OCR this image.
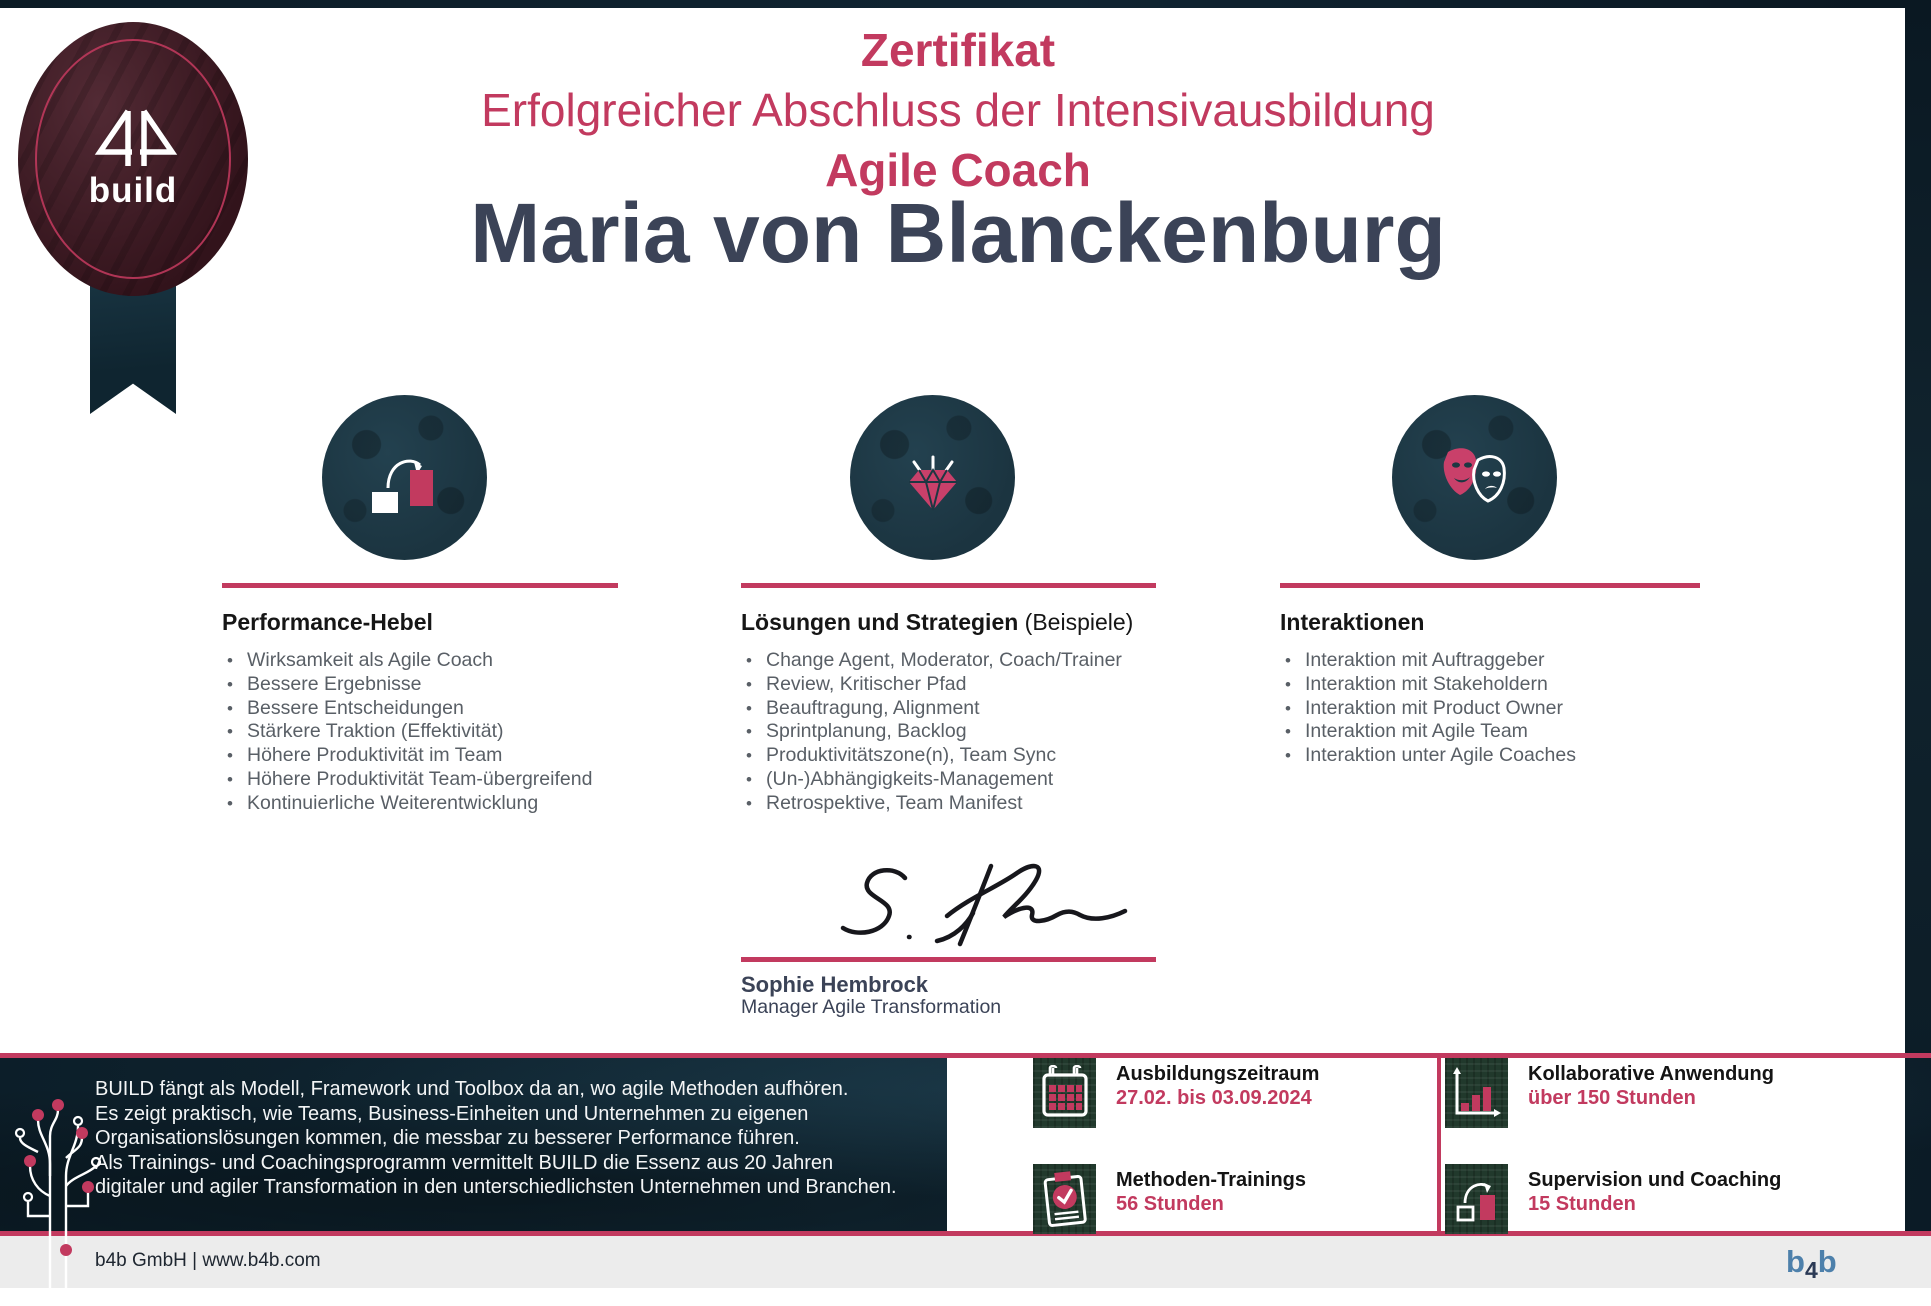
build
Zertifikat
Erfolgreicher Abschluss der Intensivausbildung
Agile Coach
Maria von Blanckenburg
Performance-Hebel
• Wirksamkeit als Agile Coach
• Bessere Ergebnisse
• Bessere Entscheidungen
• Stärkere Traktion (Effektivität)
• Höhere Produktivität im Team
• Höhere Produktivität Team-übergreifend
• Kontinuierliche Weiterentwicklung
Lösungen und Strategien (Beispiele)
• Change Agent, Moderator, Coach/Trainer
• Review, Kritischer Pfad
• Beauftragung, Alignment
• Sprintplanung, Backlog
• Produktivitätszone(n), Team Sync
• (Un-)Abhängigkeits-Management
• Retrospektive, Team Manifest
Interaktionen
• Interaktion mit Auftraggeber
• Interaktion mit Stakeholdern
• Interaktion mit Product Owner
• Interaktion mit Agile Team
• Interaktion unter Agile Coaches
Sophie Hembrock
Manager Agile Transformation
BUILD fängt als Modell, Framework und Toolbox da an, wo agile Methoden aufhören.
Es zeigt praktisch, wie Teams, Business-Einheiten und Unternehmen zu eigenen
Organisationslösungen kommen, die messbar zu besserer Performance führen.
Als Trainings- und Coachingsprogramm vermittelt BUILD die Essenz aus 20 Jahren
digitaler und agiler Transformation in den unterschiedlichsten Unternehmen und Branchen.
Ausbildungszeitraum
27.02. bis 03.09.2024
Kollaborative Anwendung
über 150 Stunden
Methoden-Trainings
56 Stunden
Supervision und Coaching
15 Stunden
b4b GmbH | www.b4b.com	b4b
